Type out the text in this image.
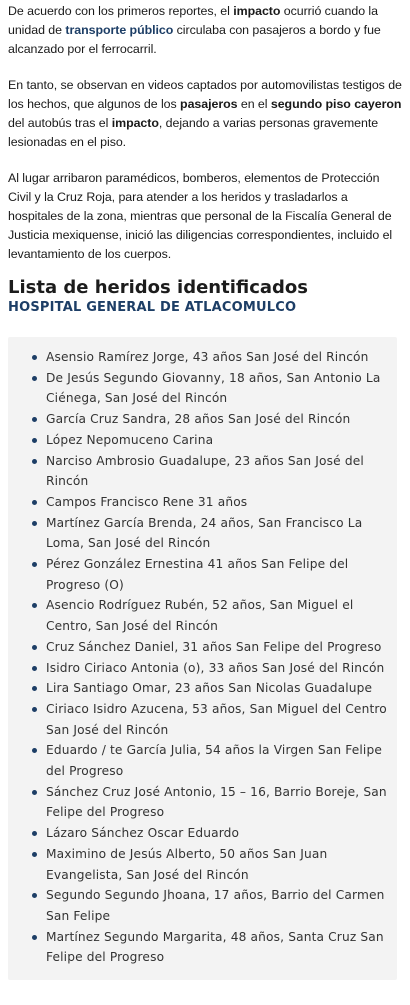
De acuerdo con los primeros reportes, el impacto ocurrió cuando la unidad de transporte público circulaba con pasajeros a bordo y fue alcanzado por el ferrocarril.

En tanto, se observan en videos captados por automovilistas testigos de los hechos, que algunos de los pasajeros en el segundo piso cayeron del autobús tras el impacto, dejando a varias personas gravemente lesionadas en el piso.

Al lugar arribaron paramédicos, bomberos, elementos de Protección Civil y la Cruz Roja, para atender a los heridos y trasladarlos a hospitales de la zona, mientras que personal de la Fiscalía General de Justicia mexiquense, inició las diligencias correspondientes, incluido el levantamiento de los cuerpos.

Lista de heridos identificados
HOSPITAL GENERAL DE ATLACOMULCO
Asensio Ramírez Jorge, 43 años San José del Rincón
De Jesús Segundo Giovanny, 18 años, San Antonio La Ciénega, San José del Rincón
García Cruz Sandra, 28 años San José del Rincón
López Nepomuceno Carina
Narciso Ambrosio Guadalupe, 23 años San José del Rincón
Campos Francisco Rene 31 años
Martínez García Brenda, 24 años, San Francisco La Loma, San José del Rincón
Pérez González Ernestina 41 años San Felipe del Progreso (O)
Asencio Rodríguez Rubén, 52 años, San Miguel el Centro, San José del Rincón
Cruz Sánchez Daniel, 31 años San Felipe del Progreso
Isidro Ciriaco Antonia (o), 33 años San José del Rincón
Lira Santiago Omar, 23 años San Nicolas Guadalupe
Ciriaco Isidro Azucena, 53 años, San Miguel del Centro San José del Rincón
Eduardo / te García Julia, 54 años la Virgen San Felipe del Progreso
Sánchez Cruz José Antonio, 15 – 16, Barrio Boreje, San Felipe del Progreso
Lázaro Sánchez Oscar Eduardo
Maximino de Jesús Alberto, 50 años San Juan Evangelista, San José del Rincón
Segundo Segundo Jhoana, 17 años, Barrio del Carmen San Felipe
Martínez Segundo Margarita, 48 años, Santa Cruz San Felipe del Progreso
